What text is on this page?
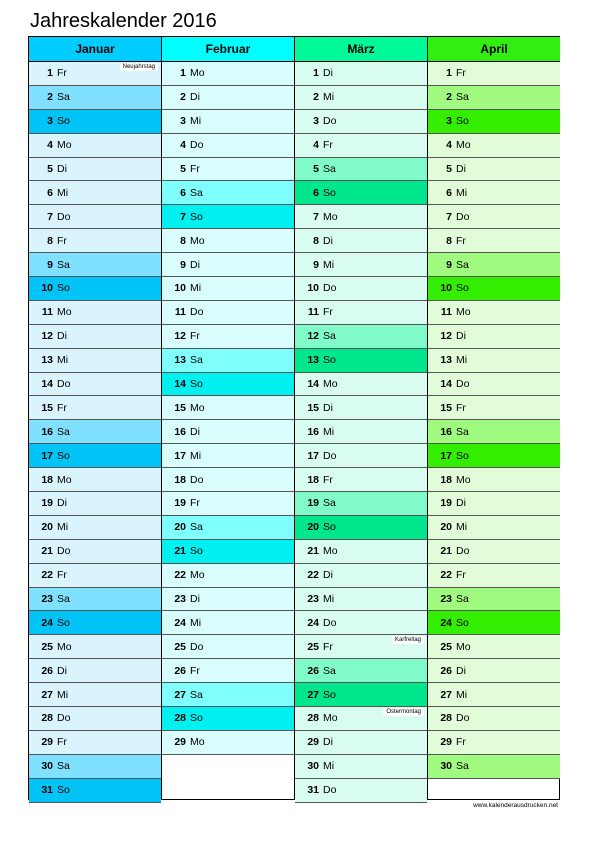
Jahreskalender 2016
Januar
1 Fr
Neujahrstag
2 Sa
3 So
4 Mo
5 Di
6 Mi
7 Do
8 Fr
9 Sa
10 So
11 Mo
12 Di
13 Mi
14 Do
15 Fr
16 Sa
17 So
18 Mo
19 Di
20 Mi
21 Do
22 Fr
23 Sa
24 So
25 Mo
26 Di
27 Mi
28 Do
29 Fr
30 Sa
31 So
Februar
1 Mo
2 Di
3 Mi
4 Do
5 Fr
6 Sa
7 So
8 Mo
9 Di
10 Mi
11 Do
12 Fr
13 Sa
14 So
15 Mo
16 Di
17 Mi
18 Do
19 Fr
20 Sa
21 So
22 Mo
23 Di
24 Mi
25 Do
26 Fr
27 Sa
28 So
29 Mo
März
1 Di
2 Mi
3 Do
4 Fr
5 Sa
6 So
7 Mo
8 Di
9 Mi
10 Do
11 Fr
12 Sa
13 So
14 Mo
15 Di
16 Mi
17 Do
18 Fr
19 Sa
20 So
21 Mo
22 Di
23 Mi
24 Do
25 Fr
Karfreitag
26 Sa
27 So
28 Mo
Ostermontag
29 Di
30 Mi
31 Do
April
1 Fr
2 Sa
3 So
4 Mo
5 Di
6 Mi
7 Do
8 Fr
9 Sa
10 So
11 Mo
12 Di
13 Mi
14 Do
15 Fr
16 Sa
17 So
18 Mo
19 Di
20 Mi
21 Do
22 Fr
23 Sa
24 So
25 Mo
26 Di
27 Mi
28 Do
29 Fr
30 Sa
www.kalenderausdrucken.net
